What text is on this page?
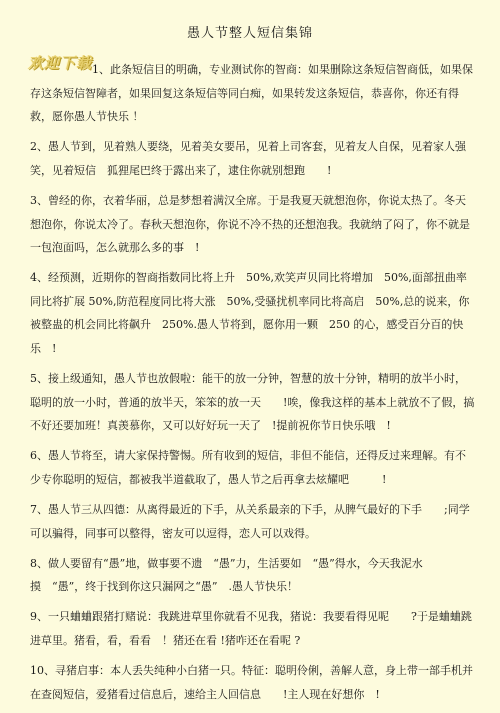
愚人节整人短信集锦
欢迎下载 1、此条短信目的明确，专业测试你的智商：如果删除这条短信智商低，如果保存这条短信智障者，如果回复这条短信等同白痴，如果转发这条短信，恭喜你，你还有得救，愿你愚人节快乐 ！

2、愚人节到，见着熟人要绕，见着美女要吊，见着上司客套，见着友人自保，见着家人强笑，见着短信　狐狸尾巴终于露出来了，逮住你就别想跑　　!

3、曾经的你，衣着华丽，总是梦想着满汉全席。于是我夏天就想泡你，你说太热了。冬天想泡你，你说太冷了。春秋天想泡你，你说不冷不热的还想泡我。我就纳了闷了，你不就是一包泡面吗，怎么就那么多的事　!

4、经预测，近期你的智商指数同比将上升　50%,欢笑声贝同比将增加　50%,面部扭曲率同比将扩展 50%,防范程度同比将大涨　50%,受骚扰机率同比将高启　50%,总的说来，你被整蛊的机会同比将飙升　250%.愚人节将到，愿你用一颗　250 的心，感受百分百的快乐　!

5、接上级通知，愚人节也放假啦：能干的放一分钟，智慧的放十分钟，精明的放半小时，聪明的放一小时，普通的放半天，笨笨的放一天　　!唉，像我这样的基本上就放不了假，搞不好还要加班！真羡慕你，又可以好好玩一天了　!提前祝你节日快乐哦　!

6、愚人节将至，请大家保持警惕。所有收到的短信，非但不能信，还得反过来理解。有不少专你聪明的短信，都被我半道截取了，愚人节之后再拿去炫耀吧　　　!

7、愚人节三从四德：从离得最近的下手，从关系最亲的下手，从脾气最好的下手　　;同学可以骗得，同事可以整得，密友可以逗得，恋人可以戏得。

8、做人要留有“愚”地，做事要不遗　“愚”力，生活要如　“愚”得水，今天我泥水摸　“愚”，终于找到你这只漏网之“愚”　.愚人节快乐！

9、一只蛐蛐跟猪打赌说：我跳进草里你就看不见我，猪说：我要看得见呢　　?于是蛐蛐跳进草里。猪看，看，看看　！猪还在看 !猪咋还在看呢 ?

10、寻猪启事：本人丢失纯种小白猪一只。特征：聪明伶俐，善解人意，身上带一部手机并在查阅短信，爱猪看过信息后，速给主人回信息　　!主人现在好想你　!
